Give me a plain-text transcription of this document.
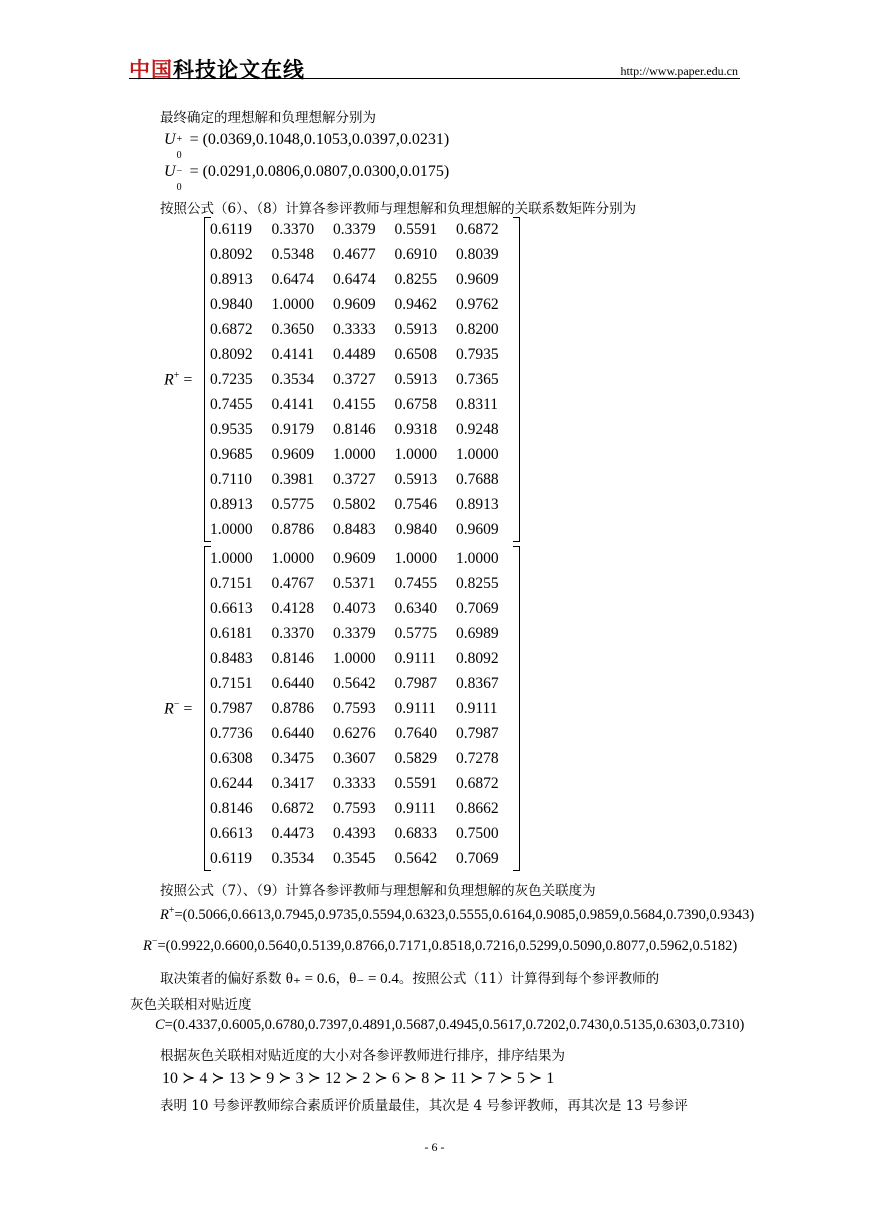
中国科技论文在线	http://www.paper.edu.cn
最终确定的理想解和负理想解分别为
U +
0
= (0.0369,0.1048,0.1053,0.0397,0.0231)
U −
0
= (0.0291,0.0806,0.0807,0.0300,0.0175)
按照公式（6）、（8）计算各参评教师与理想解和负理想解的关联系数矩阵分别为
R+ =
0.6119	0.3370	0.3379	0.5591	0.6872
0.8092	0.5348	0.4677	0.6910	0.8039
0.8913	0.6474	0.6474	0.8255	0.9609
0.9840	1.0000	0.9609	0.9462	0.9762
0.6872	0.3650	0.3333	0.5913	0.8200
0.8092	0.4141	0.4489	0.6508	0.7935
0.7235	0.3534	0.3727	0.5913	0.7365
0.7455	0.4141	0.4155	0.6758	0.8311
0.9535	0.9179	0.8146	0.9318	0.9248
0.9685	0.9609	1.0000	1.0000	1.0000
0.7110	0.3981	0.3727	0.5913	0.7688
0.8913	0.5775	0.5802	0.7546	0.8913
1.0000	0.8786	0.8483	0.9840	0.9609
R− =
1.0000	1.0000	0.9609	1.0000	1.0000
0.7151	0.4767	0.5371	0.7455	0.8255
0.6613	0.4128	0.4073	0.6340	0.7069
0.6181	0.3370	0.3379	0.5775	0.6989
0.8483	0.8146	1.0000	0.9111	0.8092
0.7151	0.6440	0.5642	0.7987	0.8367
0.7987	0.8786	0.7593	0.9111	0.9111
0.7736	0.6440	0.6276	0.7640	0.7987
0.6308	0.3475	0.3607	0.5829	0.7278
0.6244	0.3417	0.3333	0.5591	0.6872
0.8146	0.6872	0.7593	0.9111	0.8662
0.6613	0.4473	0.4393	0.6833	0.7500
0.6119	0.3534	0.3545	0.5642	0.7069
按照公式（7）、（9）计算各参评教师与理想解和负理想解的灰色关联度为
R+=(0.5066,0.6613,0.7945,0.9735,0.5594,0.6323,0.5555,0.6164,0.9085,0.9859,0.5684,0.7390,0.9343)
R−=(0.9922,0.6600,0.5640,0.5139,0.8766,0.7171,0.8518,0.7216,0.5299,0.5090,0.8077,0.5962,0.5182)
取决策者的偏好系数 θ₊ = 0.6，θ₋ = 0.4。按照公式（11）计算得到每个参评教师的
灰色关联相对贴近度
C=(0.4337,0.6005,0.6780,0.7397,0.4891,0.5687,0.4945,0.5617,0.7202,0.7430,0.5135,0.6303,0.7310)
根据灰色关联相对贴近度的大小对各参评教师进行排序，排序结果为
10 ≻ 4 ≻ 13 ≻ 9 ≻ 3 ≻ 12 ≻ 2 ≻ 6 ≻ 8 ≻ 11 ≻ 7 ≻ 5 ≻ 1
表明 10 号参评教师综合素质评价质量最佳，其次是 4 号参评教师，再其次是 13 号参评
- 6 -
